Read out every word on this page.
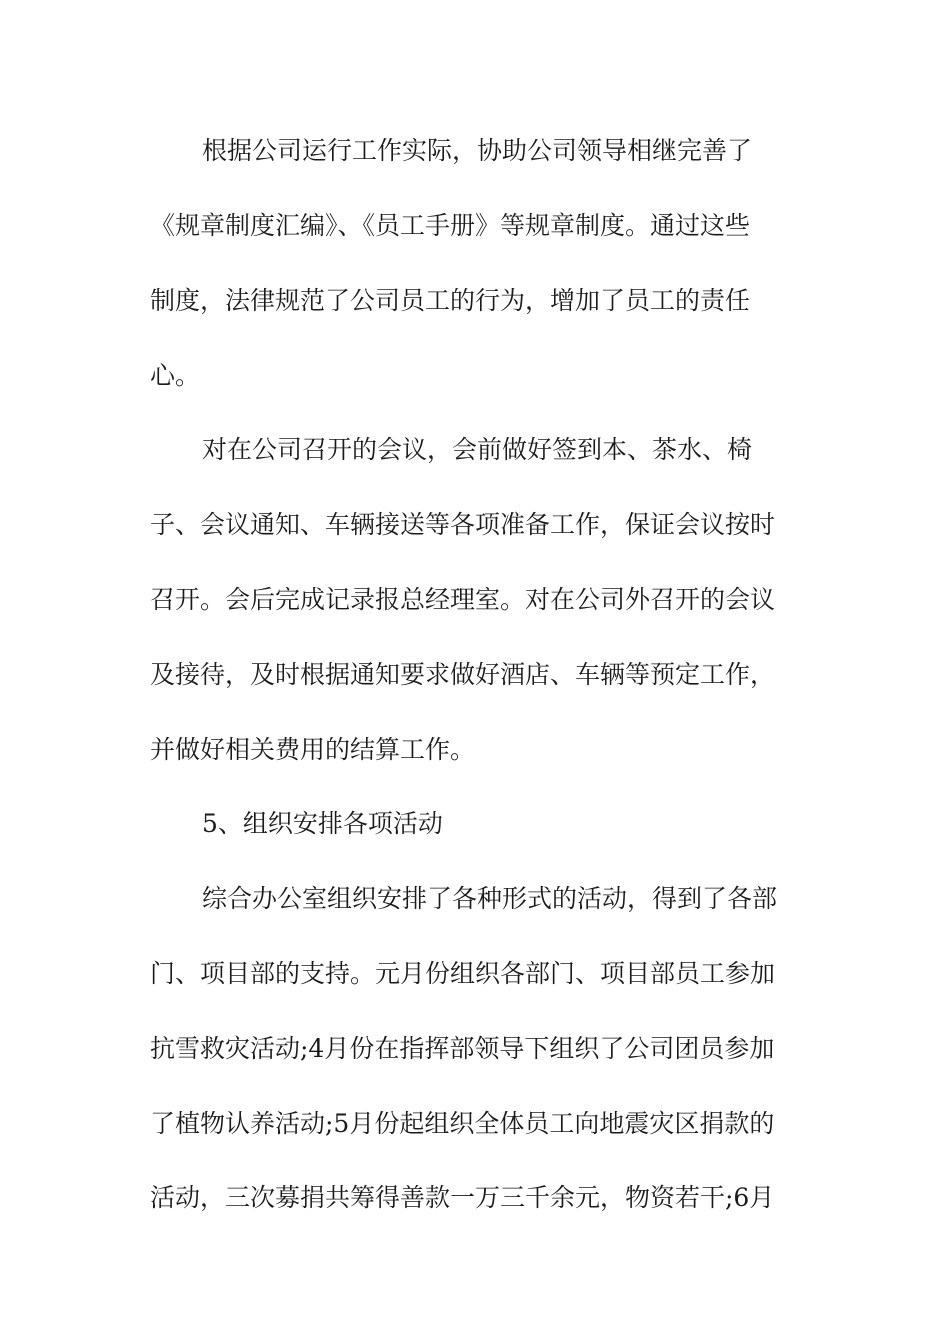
根据公司运行工作实际，协助公司领导相继完善了
《规章制度汇编》、《员工手册》等规章制度。通过这些
制度，法律规范了公司员工的行为，增加了员工的责任
心。
对在公司召开的会议，会前做好签到本、茶水、椅
子、会议通知、车辆接送等各项准备工作，保证会议按时
召开。会后完成记录报总经理室。对在公司外召开的会议
及接待，及时根据通知要求做好酒店、车辆等预定工作，
并做好相关费用的结算工作。
5、组织安排各项活动
综合办公室组织安排了各种形式的活动，得到了各部
门、项目部的支持。元月份组织各部门、项目部员工参加
抗雪救灾活动;4月份在指挥部领导下组织了公司团员参加
了植物认养活动;5月份起组织全体员工向地震灾区捐款的
活动，三次募捐共筹得善款一万三千余元，物资若干;6月
